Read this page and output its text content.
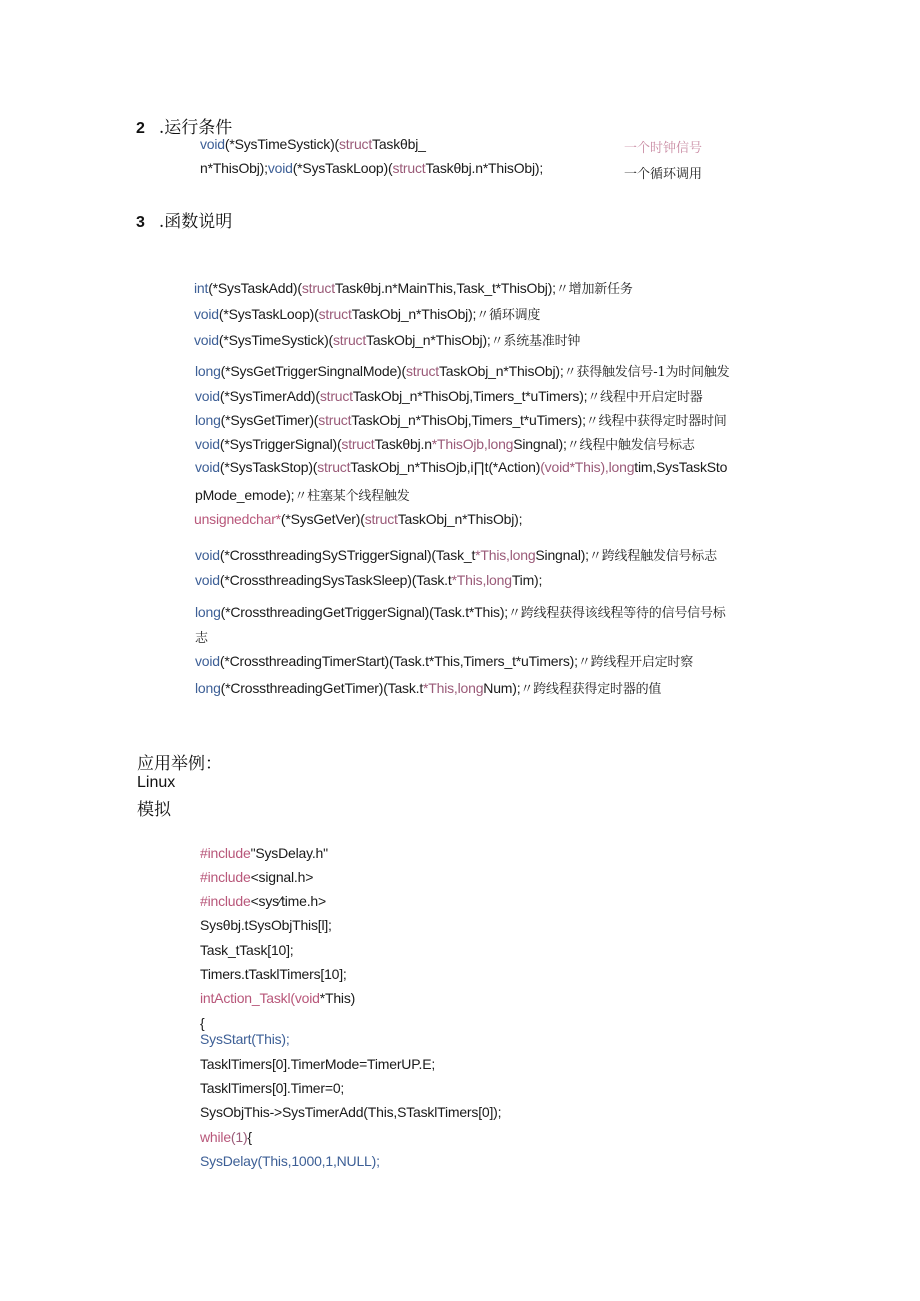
2 .运行条件
void(*SysTimeSystick)(structTaskθbj_	一个时钟信号
n*ThisObj);void(*SysTaskLoop)(structTaskθbj.n*ThisObj);	一个循环调用
3 .函数说明
int(*SysTaskAdd)(structTaskθbj.n*MainThis,Task_t*ThisObj);〃增加新任务
void(*SysTaskLoop)(structTaskObj_n*ThisObj);〃循环调度
void(*SysTimeSystick)(structTaskObj_n*ThisObj);〃系统基准时钟
long(*SysGetTriggerSingnalMode)(structTaskObj_n*ThisObj);〃获得触发信号-1为时间触发
void(*SysTimerAdd)(structTaskObj_n*ThisObj,Timers_t*uTimers);〃线程中开启定时器
long(*SysGetTimer)(structTaskObj_n*ThisObj,Timers_t*uTimers);〃线程中获得定时器时间
void(*SysTriggerSignal)(structTaskθbj.n*ThisOjb,longSingnal);〃线程中触发信号标志
void(*SysTaskStop)(structTaskObj_n*ThisOjb,i∏t(*Action)(void*This),longtim,SysTaskSto
pMode_emode);〃柱塞某个线程触发
unsignedchar*(*SysGetVer)(structTaskObj_n*ThisObj);
void(*CrossthreadingSySTriggerSignal)(Task_t*This,longSingnal);〃跨线程触发信号标志
void(*CrossthreadingSysTaskSleep)(Task.t*This,longTim);
long(*CrossthreadingGetTriggerSignal)(Task.t*This);〃跨线程获得该线程等待的信号信号标
志
void(*CrossthreadingTimerStart)(Task.t*This,Timers_t*uTimers);〃跨线程开启定时察
long(*CrossthreadingGetTimer)(Task.t*This,longNum);〃跨线程获得定时器的值
应用举例：
Linux
模拟
#include"SysDelay.h"
#include<signal.h>
#include<sys∕time.h>
Sysθbj.tSysObjThis[l];
Task_tTask[10];
Timers.tTasklTimers[10];
intAction_Taskl(void*This)
{
SysStart(This);
TasklTimers[0].TimerMode=TimerUP.E;
TasklTimers[0].Timer=0;
SysObjThis->SysTimerAdd(This,STasklTimers[0]);
while(1){
SysDelay(This,1000,1,NULL);
